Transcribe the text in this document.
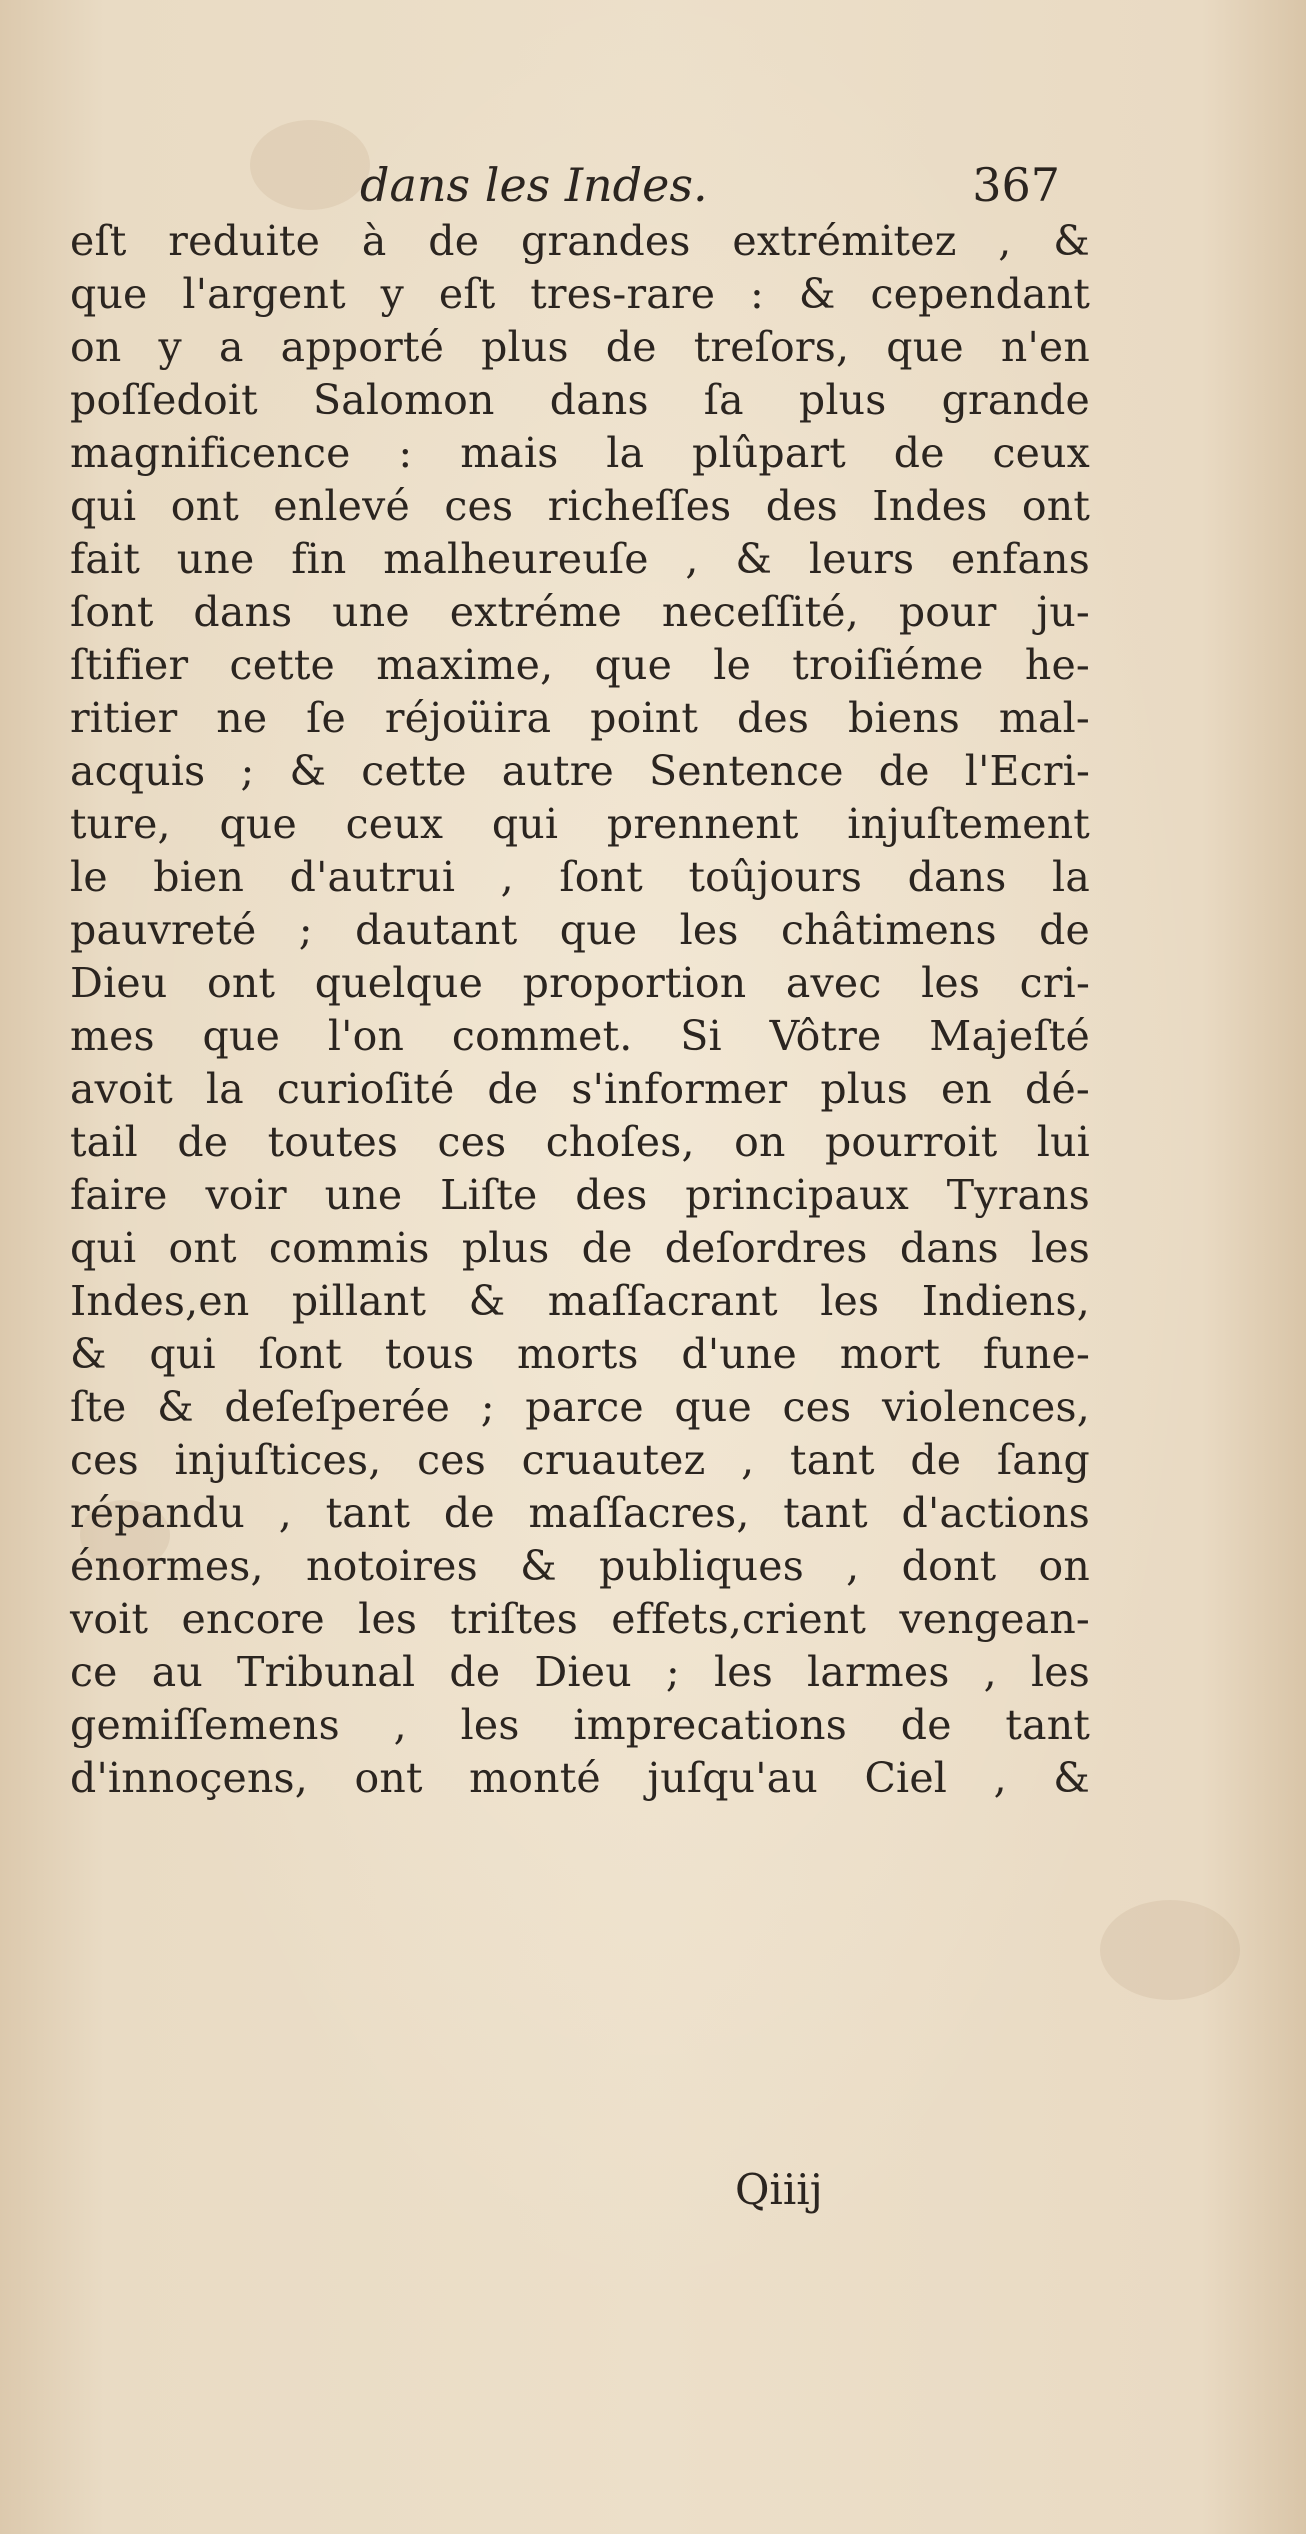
dans les Indes.	367
eſt reduite à de grandes extrémitez , &
que l'argent y eſt tres-rare : & cependant
on y a apporté plus de treſors, que n'en
poſſedoit Salomon dans ſa plus grande
magnificence : mais la plûpart de ceux
qui ont enlevé ces richeſſes des Indes ont
fait une fin malheureuſe , & leurs enfans
ſont dans une extréme neceſſité, pour ju-
ſtifier cette maxime, que le troiſiéme he-
ritier ne ſe réjoüira point des biens mal-
acquis ; & cette autre Sentence de l'Ecri-
ture, que ceux qui prennent injuſtement
le bien d'autrui , ſont toûjours dans la
pauvreté ; dautant que les châtimens de
Dieu ont quelque proportion avec les cri-
mes que l'on commet. Si Vôtre Majeſté
avoit la curioſité de s'informer plus en dé-
tail de toutes ces choſes, on pourroit lui
faire voir une Liſte des principaux Tyrans
qui ont commis plus de deſordres dans les
Indes,en pillant & maſſacrant les Indiens,
& qui ſont tous morts d'une mort fune-
ſte & deſeſperée ; parce que ces violences,
ces injuſtices, ces cruautez , tant de ſang
répandu , tant de maſſacres, tant d'actions
énormes, notoires & publiques , dont on
voit encore les triſtes effets,crient vengean-
ce au Tribunal de Dieu ; les larmes , les
gemiſſemens , les imprecations de tant
d'innoçens, ont monté juſqu'au Ciel , &
Qiiij
